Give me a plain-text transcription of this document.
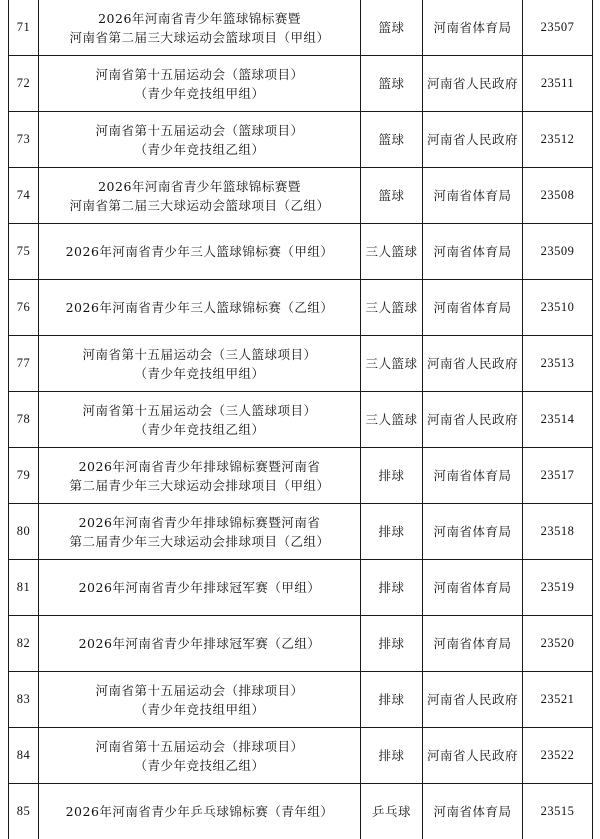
71	2026年河南省青少年篮球锦标赛暨
河南省第二届三大球运动会篮球项目（甲组）	篮球	河南省体育局	23507
72	河南省第十五届运动会（篮球项目）
（青少年竞技组甲组）	篮球	河南省人民政府	23511
73	河南省第十五届运动会（篮球项目）
（青少年竞技组乙组）	篮球	河南省人民政府	23512
74	2026年河南省青少年篮球锦标赛暨
河南省第二届三大球运动会篮球项目（乙组）	篮球	河南省体育局	23508
75	2026年河南省青少年三人篮球锦标赛（甲组）	三人篮球	河南省体育局	23509
76	2026年河南省青少年三人篮球锦标赛（乙组）	三人篮球	河南省体育局	23510
77	河南省第十五届运动会（三人篮球项目）
（青少年竞技组甲组）	三人篮球	河南省人民政府	23513
78	河南省第十五届运动会（三人篮球项目）
（青少年竞技组乙组）	三人篮球	河南省人民政府	23514
79	2026年河南省青少年排球锦标赛暨河南省
第二届青少年三大球运动会排球项目（甲组）	排球	河南省体育局	23517
80	2026年河南省青少年排球锦标赛暨河南省
第二届青少年三大球运动会排球项目（乙组）	排球	河南省体育局	23518
81	2026年河南省青少年排球冠军赛（甲组）	排球	河南省体育局	23519
82	2026年河南省青少年排球冠军赛（乙组）	排球	河南省体育局	23520
83	河南省第十五届运动会（排球项目）
（青少年竞技组甲组）	排球	河南省人民政府	23521
84	河南省第十五届运动会（排球项目）
（青少年竞技组乙组）	排球	河南省人民政府	23522
85	2026年河南省青少年乒乓球锦标赛（青年组）	乒乓球	河南省体育局	23515
